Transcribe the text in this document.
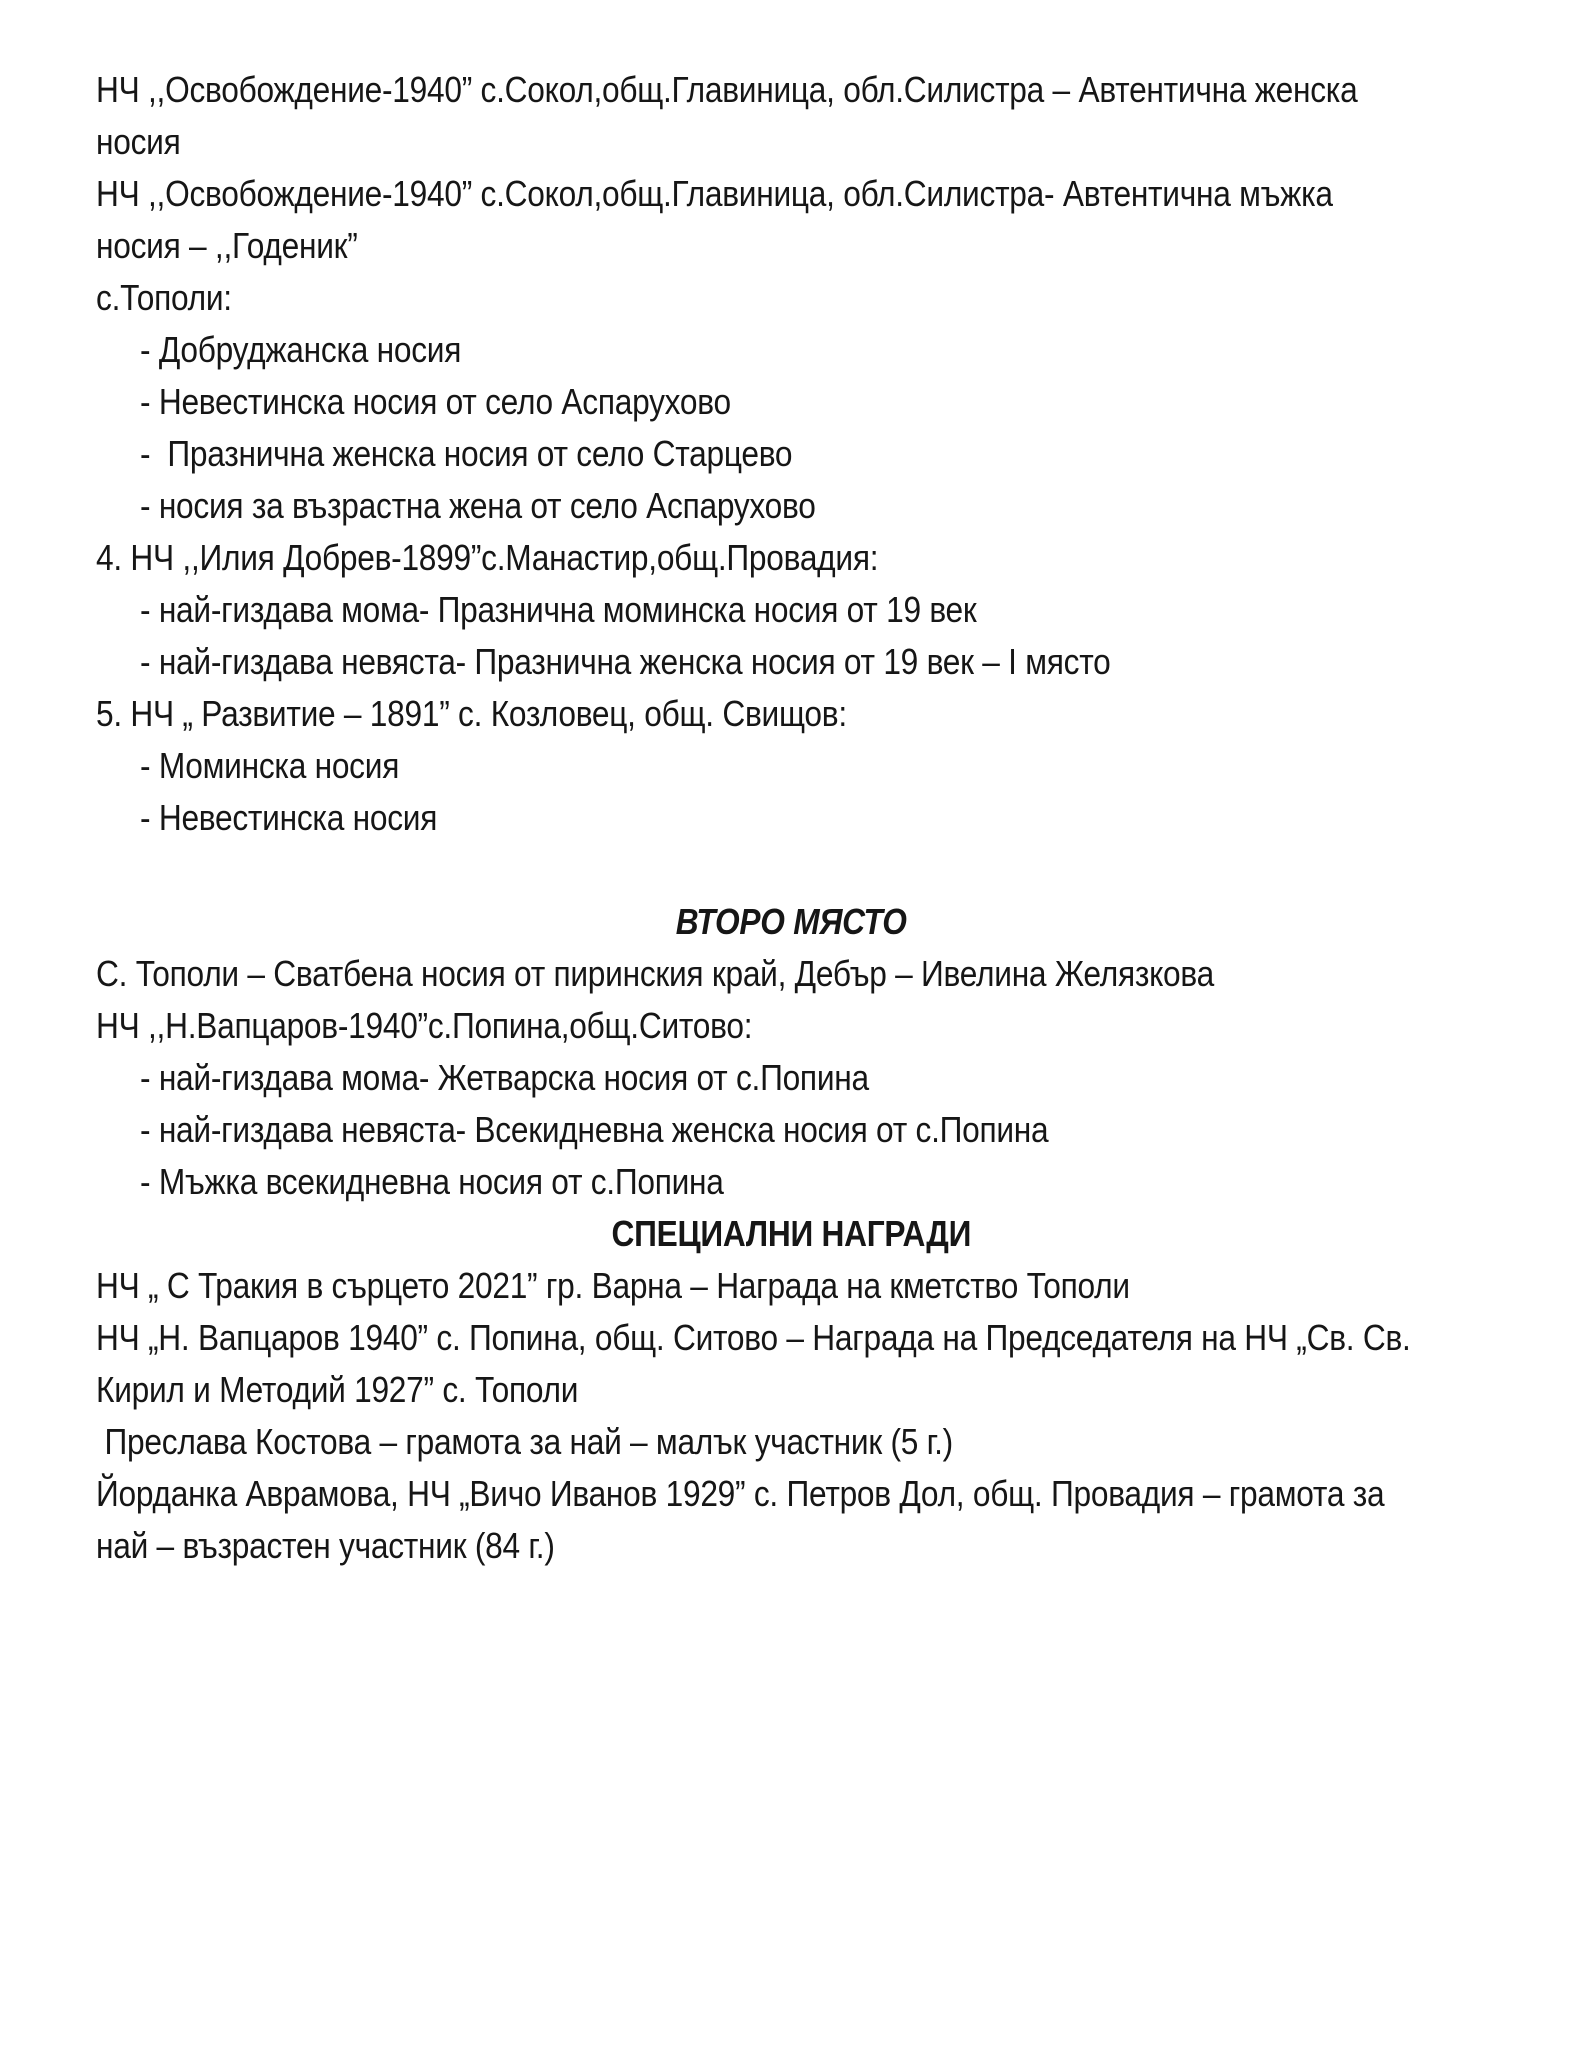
НЧ ,,Освобождение-1940” с.Сокол,общ.Главиница, обл.Силистра – Автентична женска
носия
НЧ ,,Освобождение-1940” с.Сокол,общ.Главиница, обл.Силистра- Автентична мъжка
носия – ,,Годеник”
с.Тополи:
- Добруджанска носия
- Невестинска носия от село Аспарухово
-  Празнична женска носия от село Старцево
- носия за възрастна жена от село Аспарухово
4. НЧ ,,Илия Добрев-1899”с.Манастир,общ.Провадия:
- най-гиздава мома- Празнична моминска носия от 19 век
- най-гиздава невяста- Празнична женска носия от 19 век – I място
5. НЧ „ Развитие – 1891” с. Козловец, общ. Свищов:
- Моминска носия
- Невестинска носия
ВТОРО МЯСТО
С. Тополи – Сватбена носия от пиринския край, Дебър – Ивелина Желязкова
НЧ ,,Н.Вапцаров-1940”с.Попина,общ.Ситово:
- най-гиздава мома- Жетварска носия от с.Попина
- най-гиздава невяста- Всекидневна женска носия от с.Попина
- Мъжка всекидневна носия от с.Попина
СПЕЦИАЛНИ НАГРАДИ
НЧ „ С Тракия в сърцето 2021” гр. Варна – Награда на кметство Тополи
НЧ „Н. Вапцаров 1940” с. Попина, общ. Ситово – Награда на Председателя на НЧ „Св. Св.
Кирил и Методий 1927” с. Тополи
Преслава Костова – грамота за най – малък участник (5 г.)
Йорданка Аврамова, НЧ „Вичо Иванов 1929” с. Петров Дол, общ. Провадия – грамота за
най – възрастен участник (84 г.)
